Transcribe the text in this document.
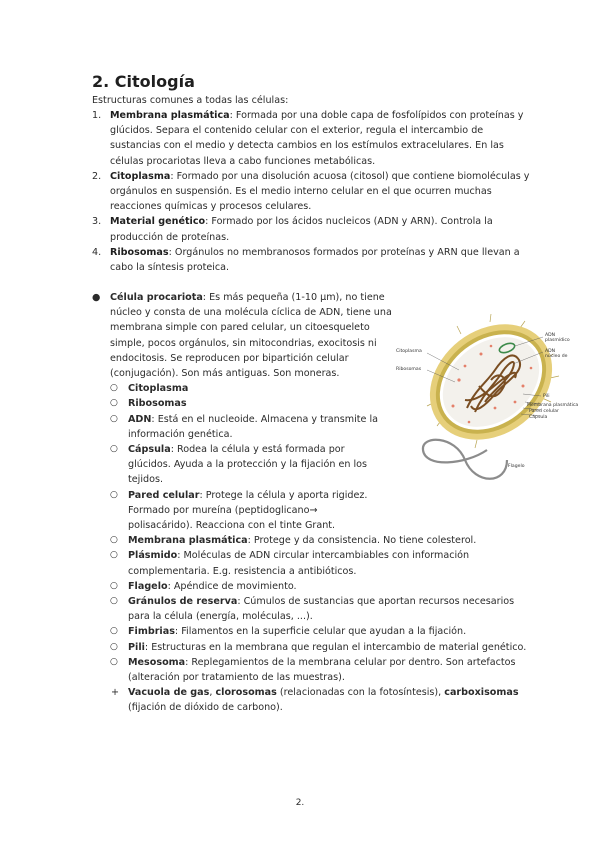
2. Citología

Estructuras comunes a todas las células:

1. Membrana plasmática: Formada por una doble capa de fosfolípidos con proteínas y glúcidos. Separa el contenido celular con el exterior, regula el intercambio de sustancias con el medio y detecta cambios en los estímulos extracelulares. En las células procariotas lleva a cabo funciones metabólicas.
2. Citoplasma: Formado por una disolución acuosa (citosol) que contiene biomoléculas y orgánulos en suspensión. Es el medio interno celular en el que ocurren muchas reacciones químicas y procesos celulares.
3. Material genético: Formado por los ácidos nucleicos (ADN y ARN). Controla la producción de proteínas.
4. Ribosomas: Orgánulos no membranosos formados por proteínas y ARN que llevan a cabo la síntesis proteica.

● Célula procariota: Es más pequeña (1-10 µm), no tiene núcleo y consta de una molécula cíclica de ADN, tiene una membrana simple con pared celular, un citoesqueleto simple, pocos orgánulos, sin mitocondrias, exocitosis ni endocitosis. Se reproducen por bipartición celular (conjugación). Son más antiguas. Son moneras.

○ Citoplasma
○ Ribosomas
○ ADN: Está en el nucleoide. Almacena y transmite la información genética.
○ Cápsula: Rodea la célula y está formada por glúcidos. Ayuda a la protección y la fijación en los tejidos.
○ Pared celular: Protege la célula y aporta rigidez. Formado por mureína (peptidoglicano→ polisacárido). Reacciona con el tinte Grant.
○ Membrana plasmática: Protege y da consistencia. No tiene colesterol.
○ Plásmido: Moléculas de ADN circular intercambiables con información complementaria. E.g. resistencia a antibióticos.
○ Flagelo: Apéndice de movimiento.
○ Gránulos de reserva: Cúmulos de sustancias que aportan recursos necesarios para la célula (energía, moléculas, ...).
○ Fimbrias: Filamentos en la superficie celular que ayudan a la fijación.
○ Pili: Estructuras en la membrana que regulan el intercambio de material genético.
○ Mesosoma: Replegamientos de la membrana celular por dentro. Son artefactos (alteración por tratamiento de las muestras).

+ Vacuola de gas, clorosomas (relacionadas con la fotosíntesis), carboxisomas (fijación de dióxido de carbono).

Citoplasma
Ribosomas
ADN
plasmídico
ADN
núcleo de
Pili
Membrana plasmática
Pared celular
Cápsula
Flagelo
2.
